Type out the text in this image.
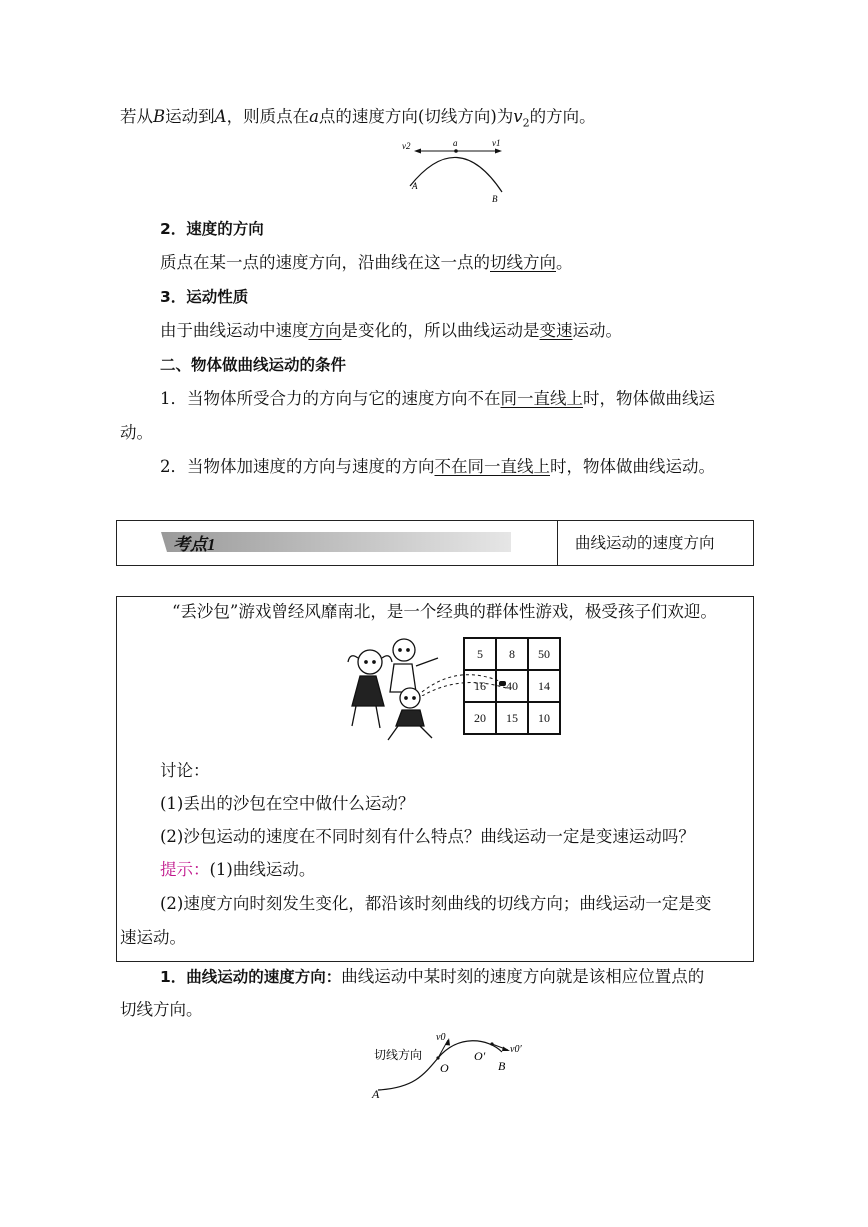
若从B运动到A，则质点在a点的速度方向(切线方向)为$v_2$的方向。
v2	a	v1
A
B
2．速度的方向
质点在某一点的速度方向，沿曲线在这一点的切线方向。
3．运动性质
由于曲线运动中速度方向是变化的，所以曲线运动是变速运动。
二、物体做曲线运动的条件
1．当物体所受合力的方向与它的速度方向不在同一直线上时，物体做曲线运
动。
2．当物体加速度的方向与速度的方向不在同一直线上时，物体做曲线运动。
考点1	曲线运动的速度方向
“丢沙包”游戏曾经风靡南北，是一个经典的群体性游戏，极受孩子们欢迎。
5	8	50
16	40	14
20	15	10
讨论：
(1)丢出的沙包在空中做什么运动？
(2)沙包运动的速度在不同时刻有什么特点？曲线运动一定是变速运动吗？
提示：(1)曲线运动。
(2)速度方向时刻发生变化，都沿该时刻曲线的切线方向；曲线运动一定是变
速运动。
1．曲线运动的速度方向：曲线运动中某时刻的速度方向就是该相应位置点的
切线方向。
切线方向
v0
O
O′ v0′
B
A
